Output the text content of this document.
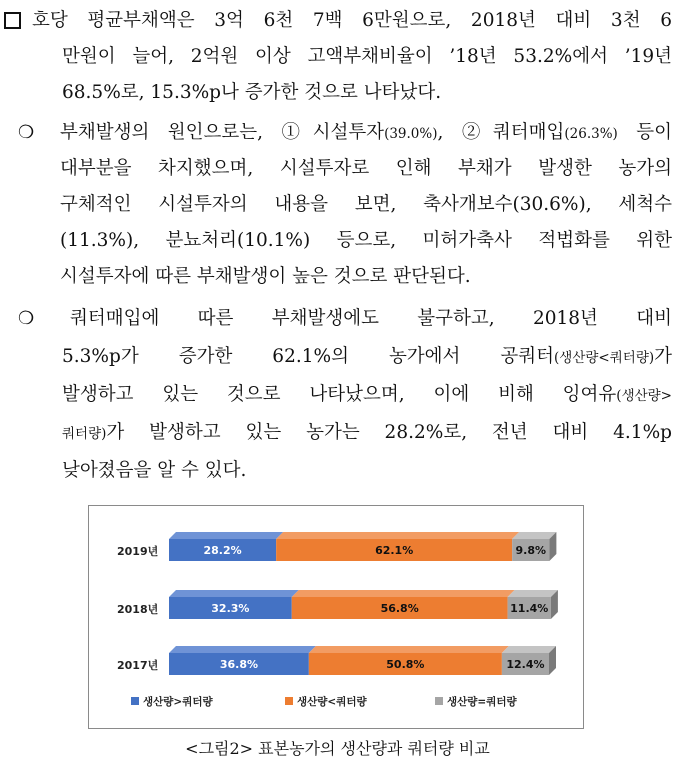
호당 평균부채액은 3억 6천 7백 6만원으로, 2018년 대비 3천 6
만원이 늘어, 2억원 이상 고액부채비율이 ’18년 53.2%에서 ’19년
68.5%로, 15.3%p나 증가한 것으로 나타났다.
❍ 부채발생의 원인으로는, ①시설투자(39.0%), ②쿼터매입(26.3%) 등이
대부분을 차지했으며, 시설투자로 인해 부채가 발생한 농가의
구체적인 시설투자의 내용을 보면, 축사개보수(30.6%), 세척수
(11.3%), 분뇨처리(10.1%) 등으로, 미허가축사 적법화를 위한
시설투자에 따른 부채발생이 높은 것으로 판단된다.
❍ 쿼터매입에 따른 부채발생에도 불구하고, 2018년 대비
5.3%p가 증가한 62.1%의 농가에서 공쿼터(생산량<쿼터량)가
발생하고 있는 것으로 나타났으며, 이에 비해 잉여유(생산량>
쿼터량)가 발생하고 있는 농가는 28.2%로, 전년 대비 4.1%p
낮아졌음을 알 수 있다.
2019년	28.2%	62.1%	9.8%
2018년	32.3%	56.8%	11.4%
2017년	36.8%	50.8%	12.4%
생산량>쿼터량	생산량<쿼터량	생산량=쿼터량
<그림2> 표본농가의 생산량과 쿼터량 비교
